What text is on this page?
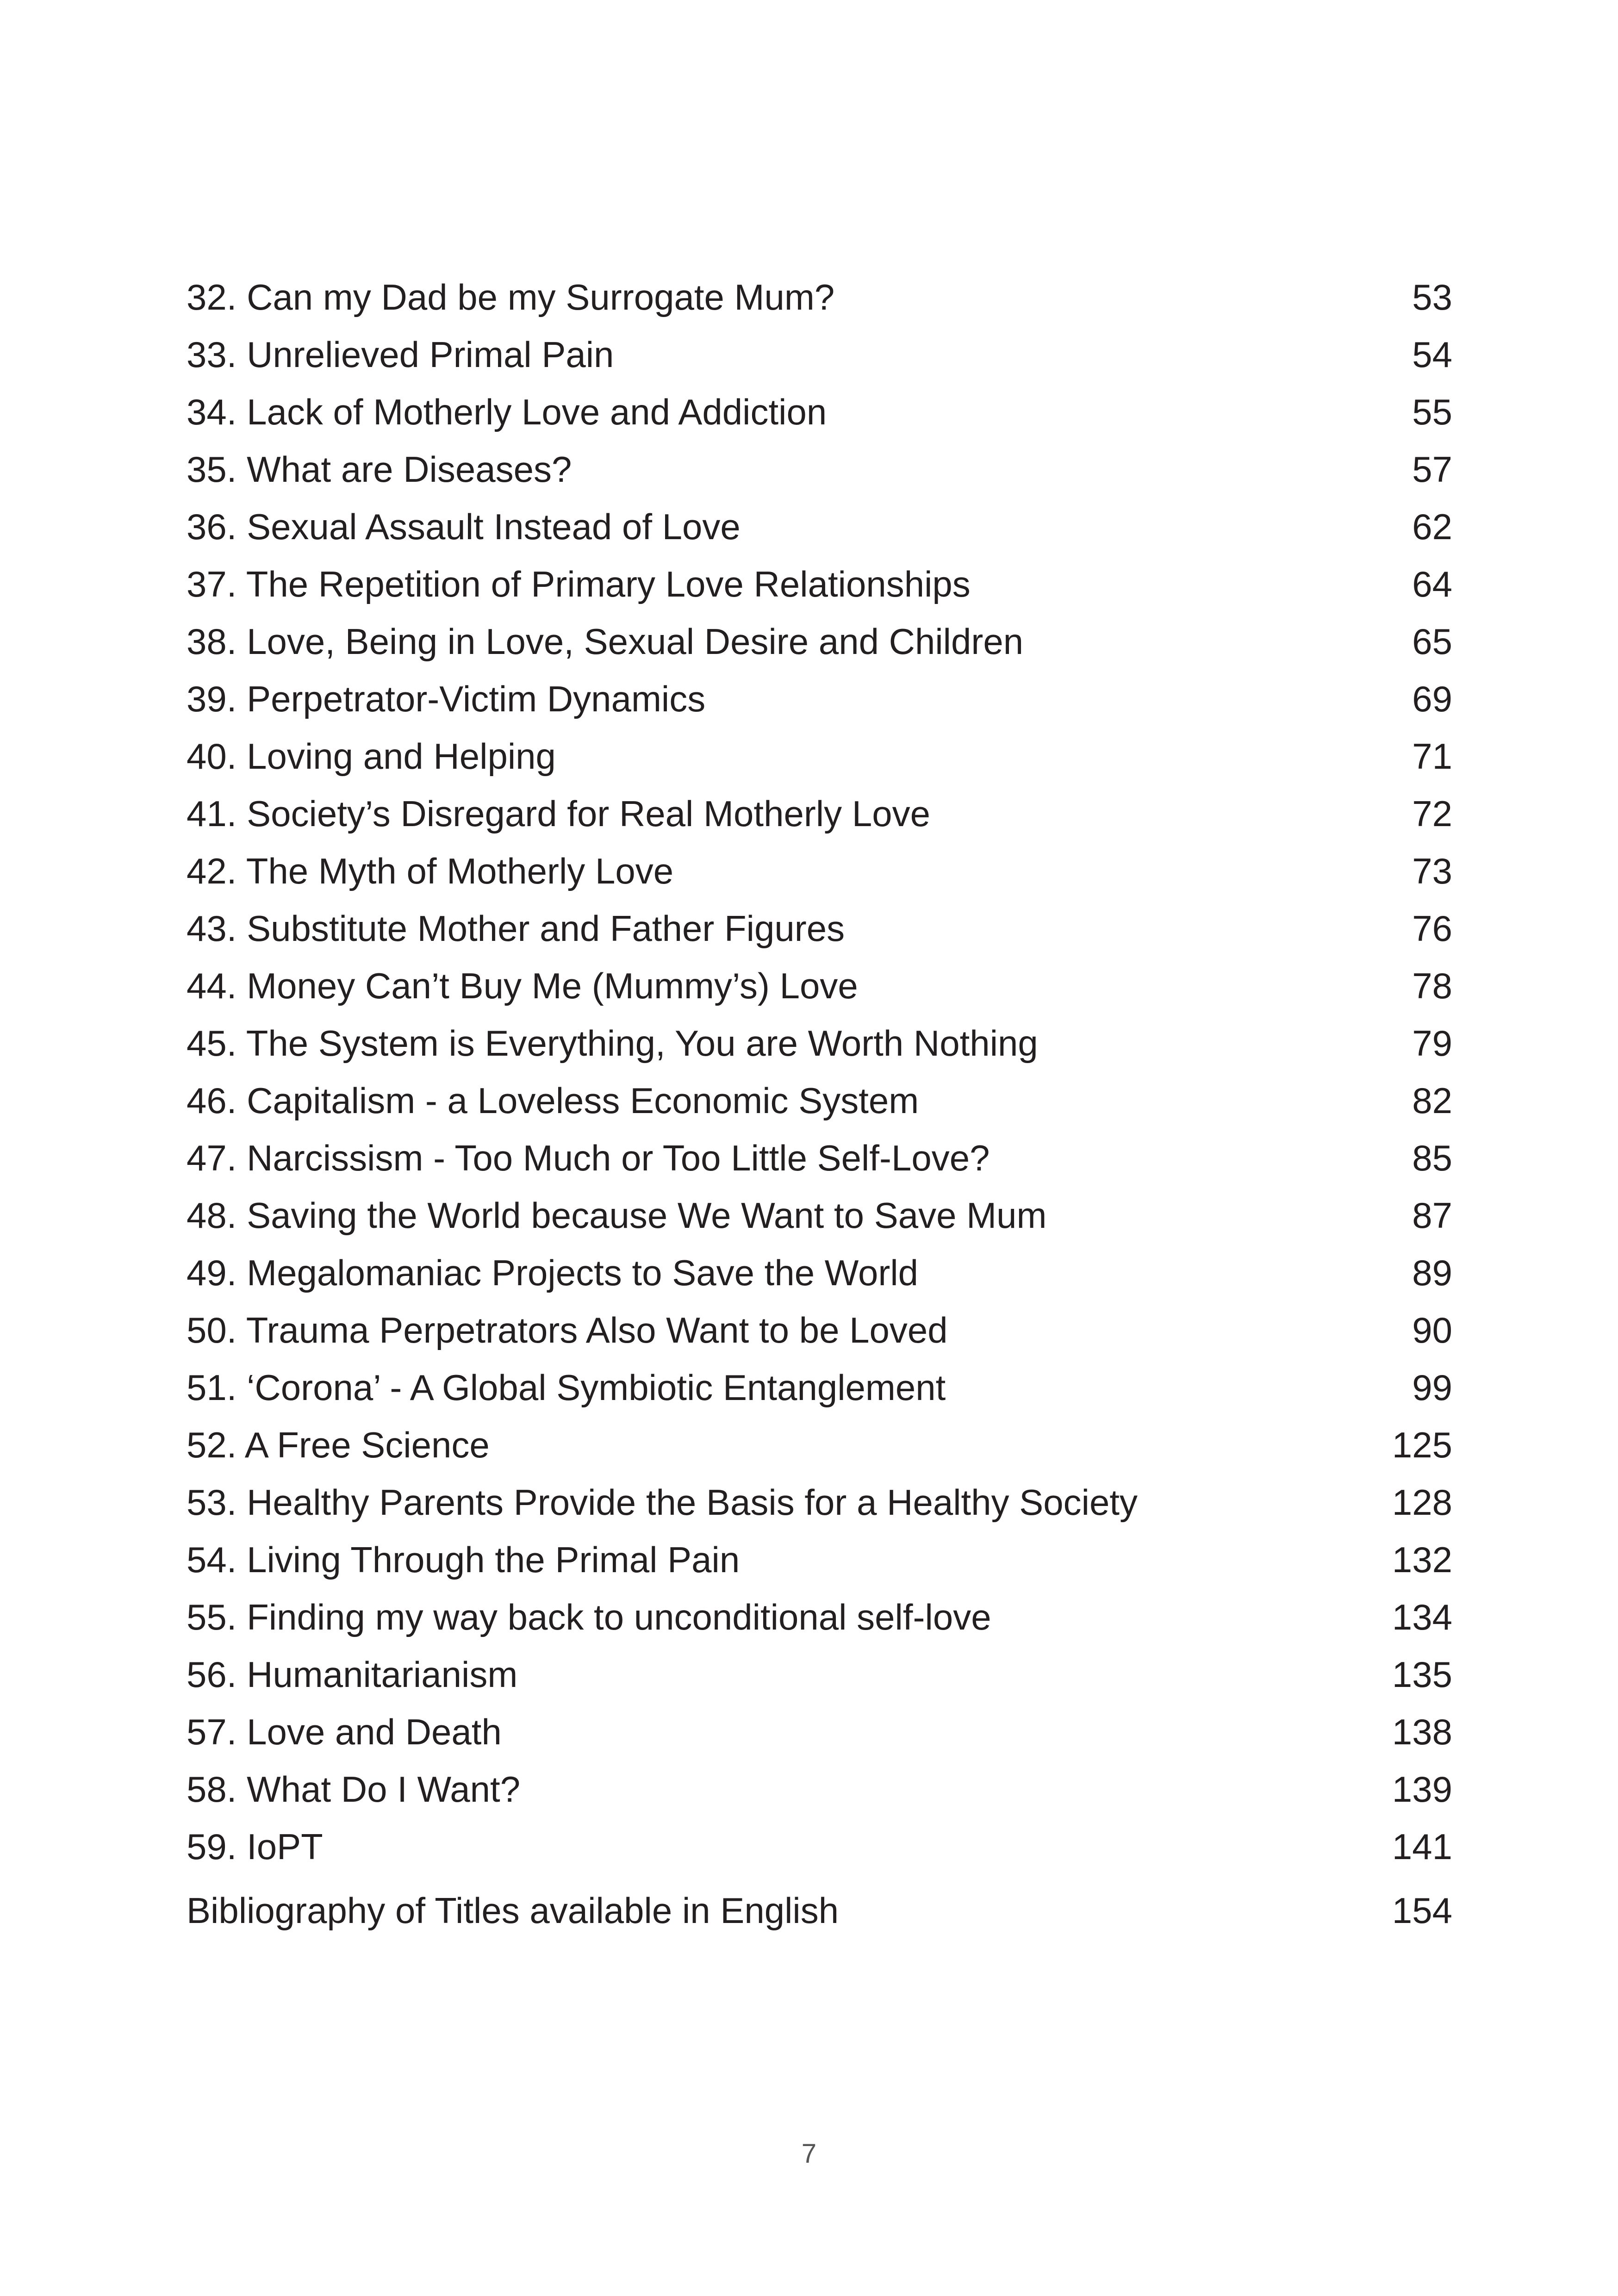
32. Can my Dad be my Surrogate Mum?	53
33. Unrelieved Primal Pain	54
34. Lack of Motherly Love and Addiction	55
35. What are Diseases?	57
36. Sexual Assault Instead of Love	62
37. The Repetition of Primary Love Relationships	64
38. Love, Being in Love, Sexual Desire and Children	65
39. Perpetrator-Victim Dynamics	69
40. Loving and Helping	71
41. Society’s Disregard for Real Motherly Love	72
42. The Myth of Motherly Love	73
43. Substitute Mother and Father Figures	76
44. Money Can’t Buy Me (Mummy’s) Love	78
45. The System is Everything, You are Worth Nothing	79
46. Capitalism - a Loveless Economic System	82
47. Narcissism - Too Much or Too Little Self-Love?	85
48. Saving the World because We Want to Save Mum	87
49. Megalomaniac Projects to Save the World	89
50. Trauma Perpetrators Also Want to be Loved	90
51. ‘Corona’ - A Global Symbiotic Entanglement	99
52. A Free Science	125
53. Healthy Parents Provide the Basis for a Healthy Society	128
54. Living Through the Primal Pain	132
55. Finding my way back to unconditional self-love	134
56. Humanitarianism	135
57. Love and Death	138
58. What Do I Want?	139
59. IoPT	141
Bibliography of Titles available in English	154
7
